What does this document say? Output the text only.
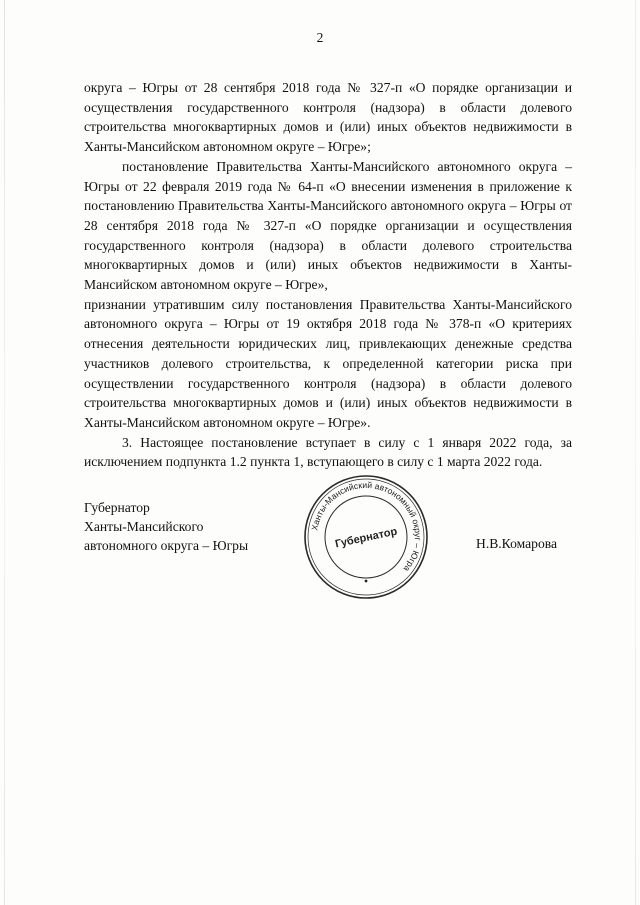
2

округа – Югры от 28 сентября 2018 года № 327-п «О порядке организации и осуществления государственного контроля (надзора) в области долевого строительства многоквартирных домов и (или) иных объектов недвижимости в Ханты-Мансийском автономном округе – Югре»;

постановление Правительства Ханты-Мансийского автономного округа – Югры от 22 февраля 2019 года № 64-п «О внесении изменения в приложение к постановлению Правительства Ханты-Мансийского автономного округа – Югры от 28 сентября 2018 года № 327-п «О порядке организации и осуществления государственного контроля (надзора) в области долевого строительства многоквартирных домов и (или) иных объектов недвижимости в Ханты-Мансийском автономном округе – Югре»,

признании утратившим силу постановления Правительства Ханты-Мансийского автономного округа – Югры от 19 октября 2018 года № 378-п «О критериях отнесения деятельности юридических лиц, привлекающих денежные средства участников долевого строительства, к определенной категории риска при осуществлении государственного контроля (надзора) в области долевого строительства многоквартирных домов и (или) иных объектов недвижимости в Ханты-Мансийском автономном округе – Югре».

3. Настоящее постановление вступает в силу с 1 января 2022 года, за исключением подпункта 1.2 пункта 1, вступающего в силу с 1 марта 2022 года.

Губернатор
Ханты-Мансийского
автономного округа – Югры
Ханты-Мансийский автономный округ – Югра
Губернатор	Н.В.Комарова
